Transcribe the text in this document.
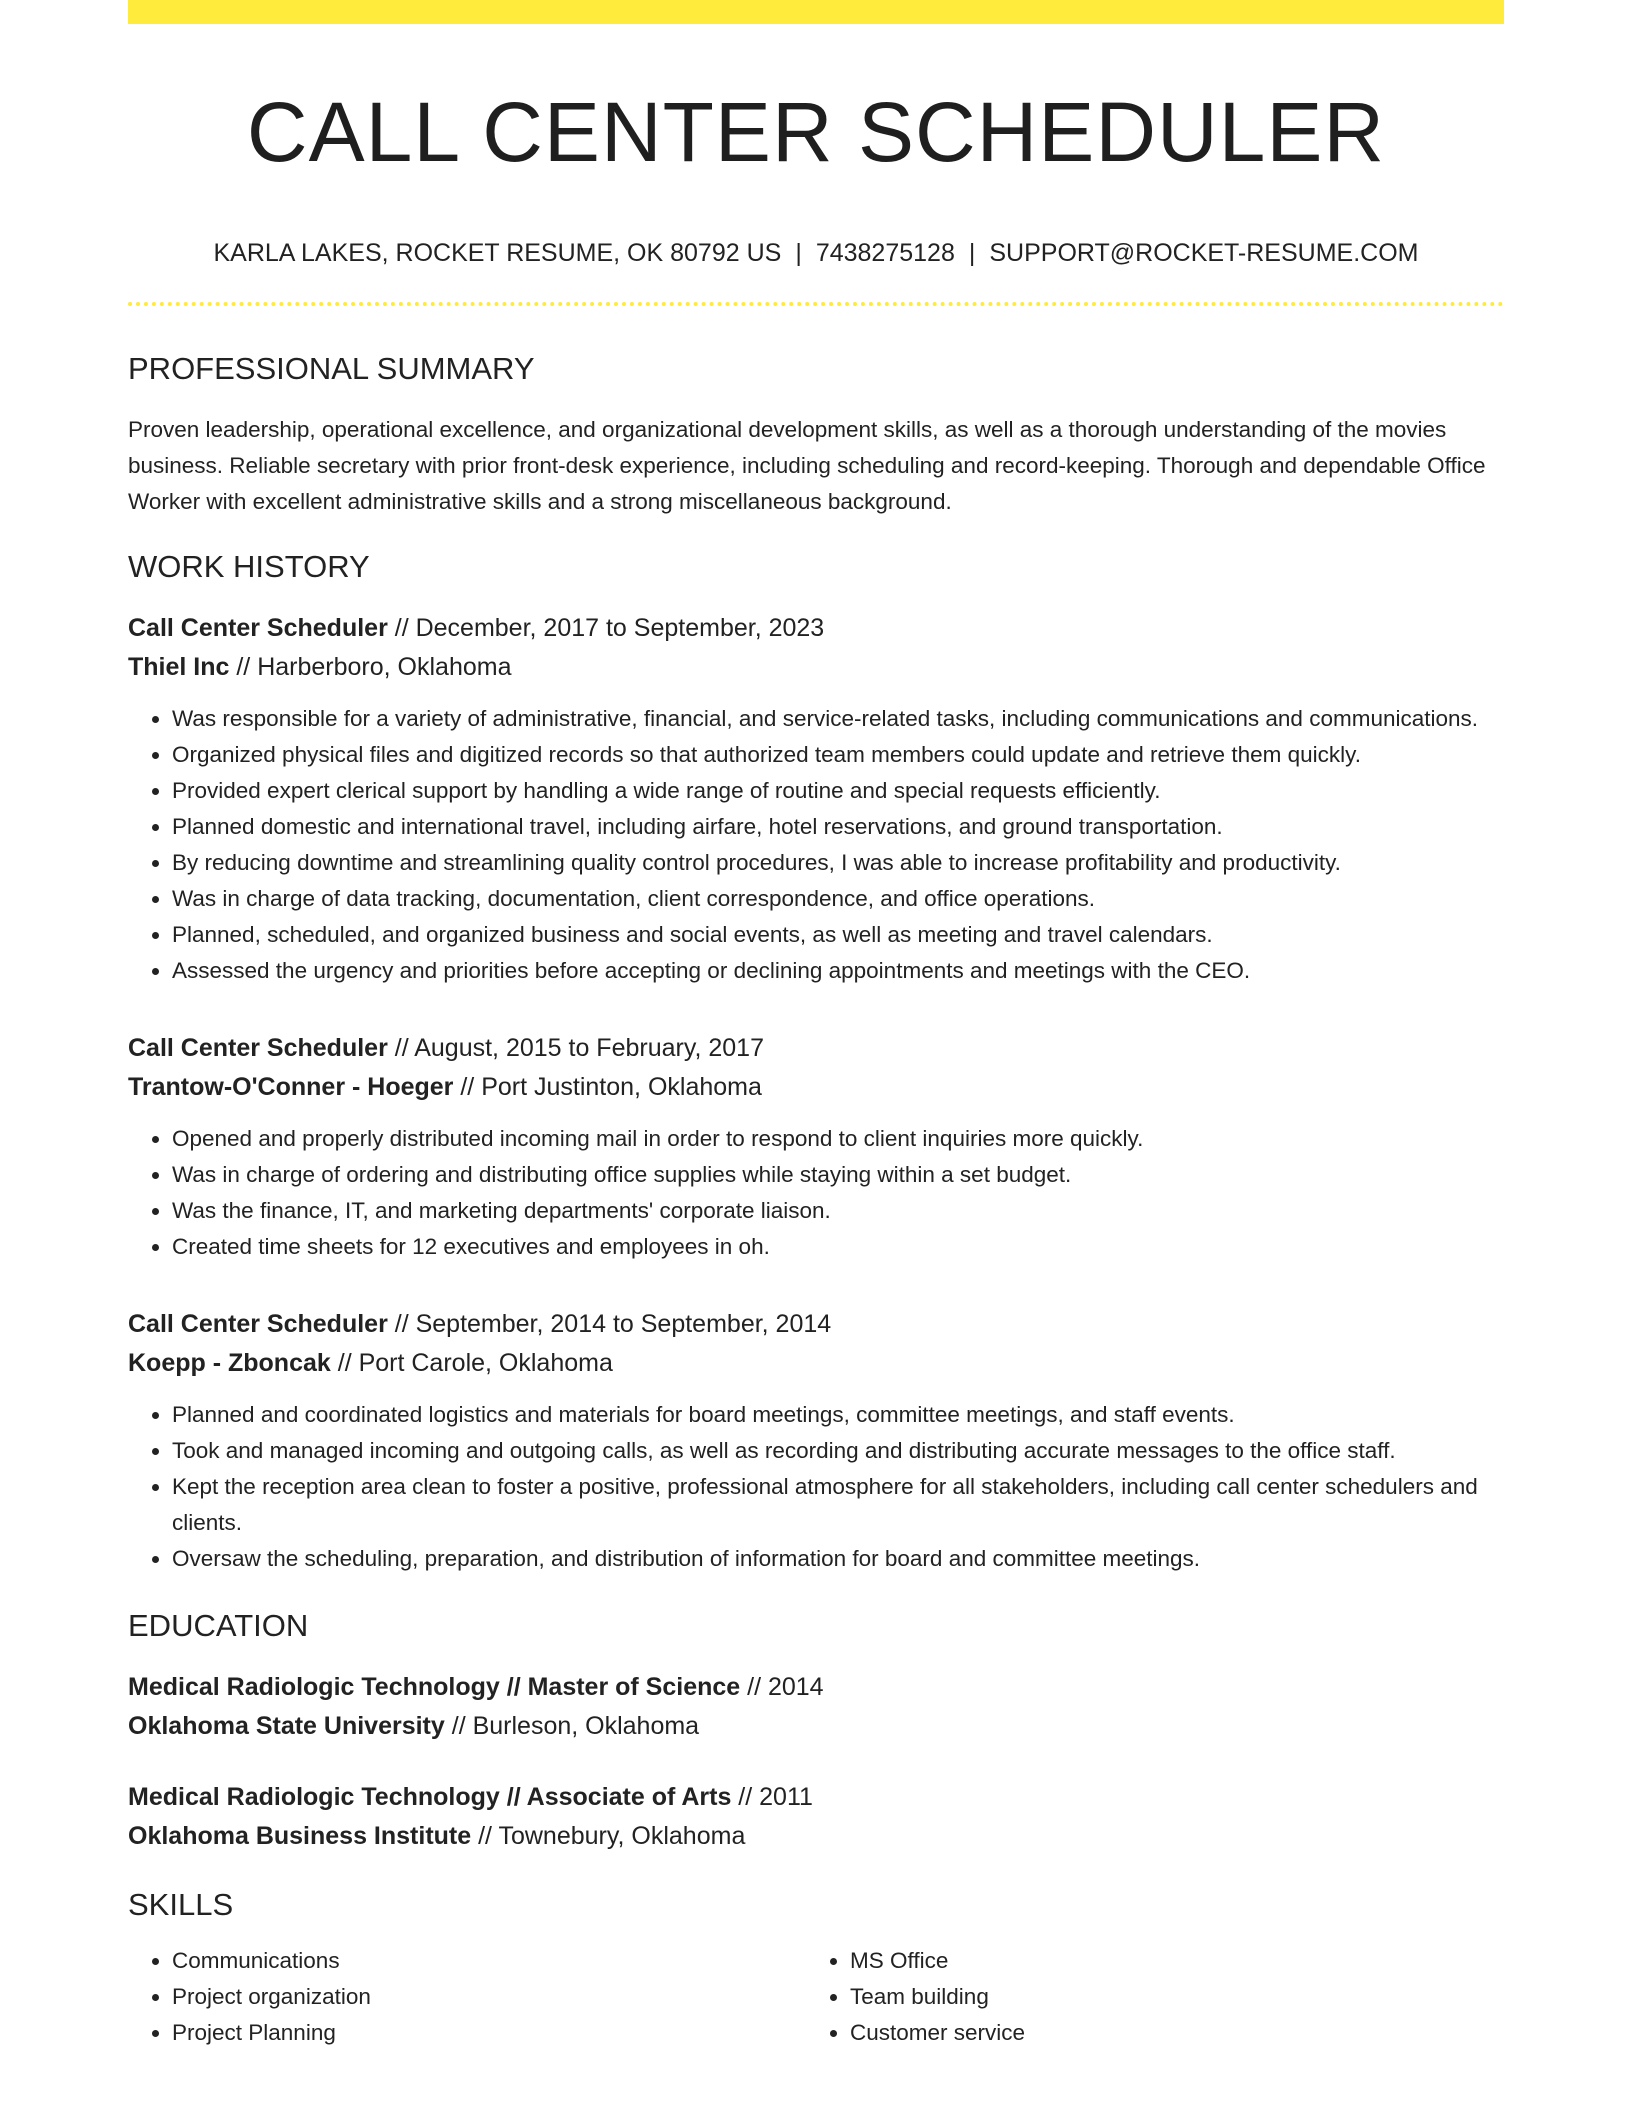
CALL CENTER SCHEDULER
KARLA LAKES, ROCKET RESUME, OK 80792 US | 7438275128 | SUPPORT@ROCKET-RESUME.COM
PROFESSIONAL SUMMARY
Proven leadership, operational excellence, and organizational development skills, as well as a thorough understanding of the movies business. Reliable secretary with prior front-desk experience, including scheduling and record-keeping. Thorough and dependable Office Worker with excellent administrative skills and a strong miscellaneous background.
WORK HISTORY
Call Center Scheduler // December, 2017 to September, 2023
Thiel Inc // Harberboro, Oklahoma
• Was responsible for a variety of administrative, financial, and service-related tasks, including communications and communications.
• Organized physical files and digitized records so that authorized team members could update and retrieve them quickly.
• Provided expert clerical support by handling a wide range of routine and special requests efficiently.
• Planned domestic and international travel, including airfare, hotel reservations, and ground transportation.
• By reducing downtime and streamlining quality control procedures, I was able to increase profitability and productivity.
• Was in charge of data tracking, documentation, client correspondence, and office operations.
• Planned, scheduled, and organized business and social events, as well as meeting and travel calendars.
• Assessed the urgency and priorities before accepting or declining appointments and meetings with the CEO.
Call Center Scheduler // August, 2015 to February, 2017
Trantow-O'Conner - Hoeger // Port Justinton, Oklahoma
• Opened and properly distributed incoming mail in order to respond to client inquiries more quickly.
• Was in charge of ordering and distributing office supplies while staying within a set budget.
• Was the finance, IT, and marketing departments' corporate liaison.
• Created time sheets for 12 executives and employees in oh.
Call Center Scheduler // September, 2014 to September, 2014
Koepp - Zboncak // Port Carole, Oklahoma
• Planned and coordinated logistics and materials for board meetings, committee meetings, and staff events.
• Took and managed incoming and outgoing calls, as well as recording and distributing accurate messages to the office staff.
• Kept the reception area clean to foster a positive, professional atmosphere for all stakeholders, including call center schedulers and clients.
• Oversaw the scheduling, preparation, and distribution of information for board and committee meetings.
EDUCATION
Medical Radiologic Technology // Master of Science // 2014
Oklahoma State University // Burleson, Oklahoma
Medical Radiologic Technology // Associate of Arts // 2011
Oklahoma Business Institute // Townebury, Oklahoma
SKILLS
• Communications
• Project organization
• Project Planning
• MS Office
• Team building
• Customer service
